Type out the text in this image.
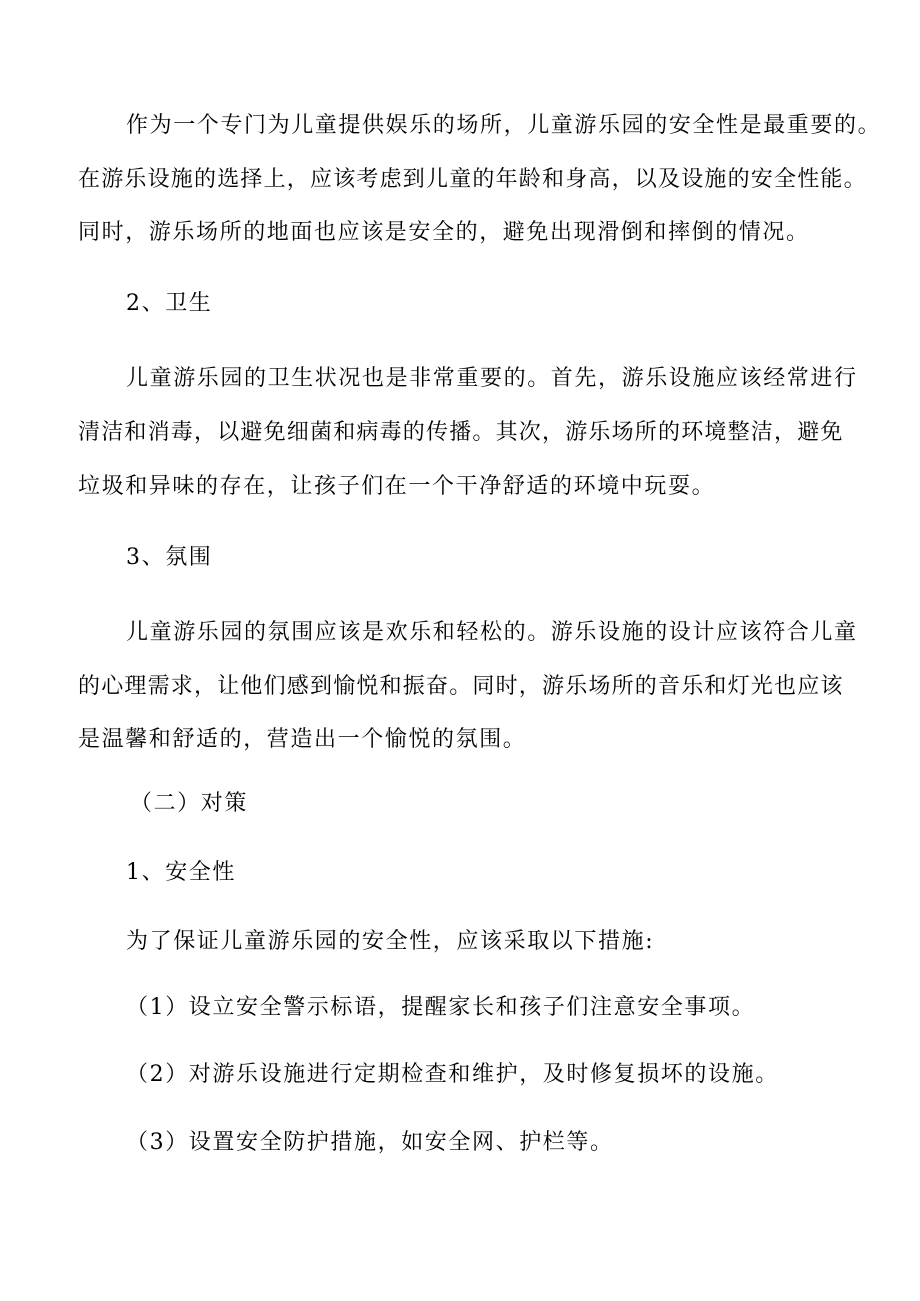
作为一个专门为儿童提供娱乐的场所，儿童游乐园的安全性是最重要的。
在游乐设施的选择上，应该考虑到儿童的年龄和身高，以及设施的安全性能。
同时，游乐场所的地面也应该是安全的，避免出现滑倒和摔倒的情况。
2、卫生
儿童游乐园的卫生状况也是非常重要的。首先，游乐设施应该经常进行
清洁和消毒，以避免细菌和病毒的传播。其次，游乐场所的环境整洁，避免
垃圾和异味的存在，让孩子们在一个干净舒适的环境中玩耍。
3、氛围
儿童游乐园的氛围应该是欢乐和轻松的。游乐设施的设计应该符合儿童
的心理需求，让他们感到愉悦和振奋。同时，游乐场所的音乐和灯光也应该
是温馨和舒适的，营造出一个愉悦的氛围。
（二）对策
1、安全性
为了保证儿童游乐园的安全性，应该采取以下措施:
（1）设立安全警示标语，提醒家长和孩子们注意安全事项。
（2）对游乐设施进行定期检查和维护，及时修复损坏的设施。
（3）设置安全防护措施，如安全网、护栏等。
